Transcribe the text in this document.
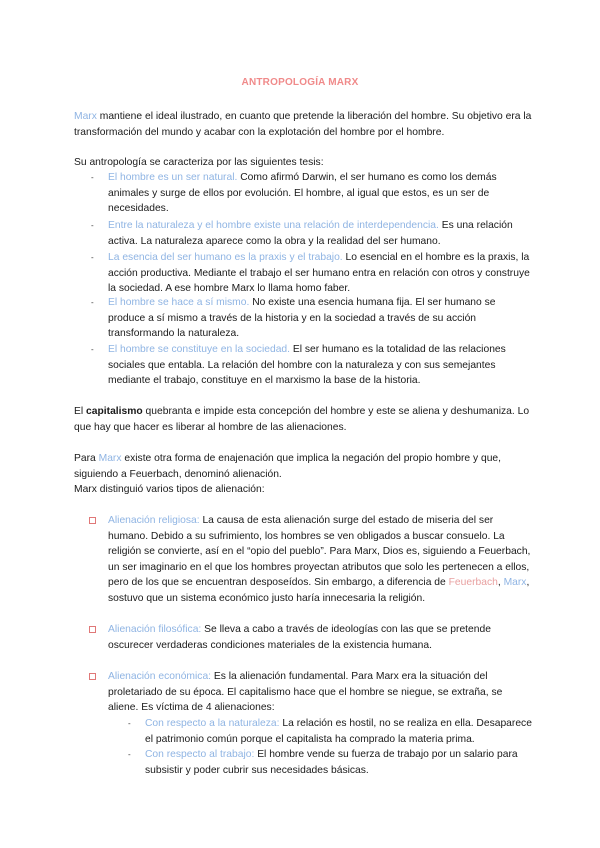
ANTROPOLOGÍA MARX
Marx mantiene el ideal ilustrado, en cuanto que pretende la liberación del hombre. Su objetivo era la transformación del mundo y acabar con la explotación del hombre por el hombre.
Su antropología se caracteriza por las siguientes tesis:
‑ El hombre es un ser natural. Como afirmó Darwin, el ser humano es como los demás animales y surge de ellos por evolución. El hombre, al igual que estos, es un ser de necesidades.
‑ Entre la naturaleza y el hombre existe una relación de interdependencia. Es una relación activa. La naturaleza aparece como la obra y la realidad del ser humano.
‑ La esencia del ser humano es la praxis y el trabajo. Lo esencial en el hombre es la praxis, la acción productiva. Mediante el trabajo el ser humano entra en relación con otros y construye la sociedad. A ese hombre Marx lo llama homo faber.
‑ El hombre se hace a sí mismo. No existe una esencia humana fija. El ser humano se produce a sí mismo a través de la historia y en la sociedad a través de su acción transformando la naturaleza.
‑ El hombre se constituye en la sociedad. El ser humano es la totalidad de las relaciones sociales que entabla. La relación del hombre con la naturaleza y con sus semejantes mediante el trabajo, constituye en el marxismo la base de la historia.
El capitalismo quebranta e impide esta concepción del hombre y este se aliena y deshumaniza. Lo que hay que hacer es liberar al hombre de las alienaciones.
Para Marx existe otra forma de enajenación que implica la negación del propio hombre y que, siguiendo a Feuerbach, denominó alienación.
Marx distinguió varios tipos de alienación:
Alienación religiosa: La causa de esta alienación surge del estado de miseria del ser humano. Debido a su sufrimiento, los hombres se ven obligados a buscar consuelo. La religión se convierte, así en el “opio del pueblo”. Para Marx, Dios es, siguiendo a Feuerbach, un ser imaginario en el que los hombres proyectan atributos que solo les pertenecen a ellos, pero de los que se encuentran desposeídos. Sin embargo, a diferencia de Feuerbach, Marx, sostuvo que un sistema económico justo haría innecesaria la religión.
Alienación filosófica: Se lleva a cabo a través de ideologías con las que se pretende oscurecer verdaderas condiciones materiales de la existencia humana.
Alienación económica: Es la alienación fundamental. Para Marx era la situación del proletariado de su época. El capitalismo hace que el hombre se niegue, se extraña, se aliene. Es víctima de 4 alienaciones:
‑ Con respecto a la naturaleza: La relación es hostil, no se realiza en ella. Desaparece el patrimonio común porque el capitalista ha comprado la materia prima.
‑ Con respecto al trabajo: El hombre vende su fuerza de trabajo por un salario para subsistir y poder cubrir sus necesidades básicas.
